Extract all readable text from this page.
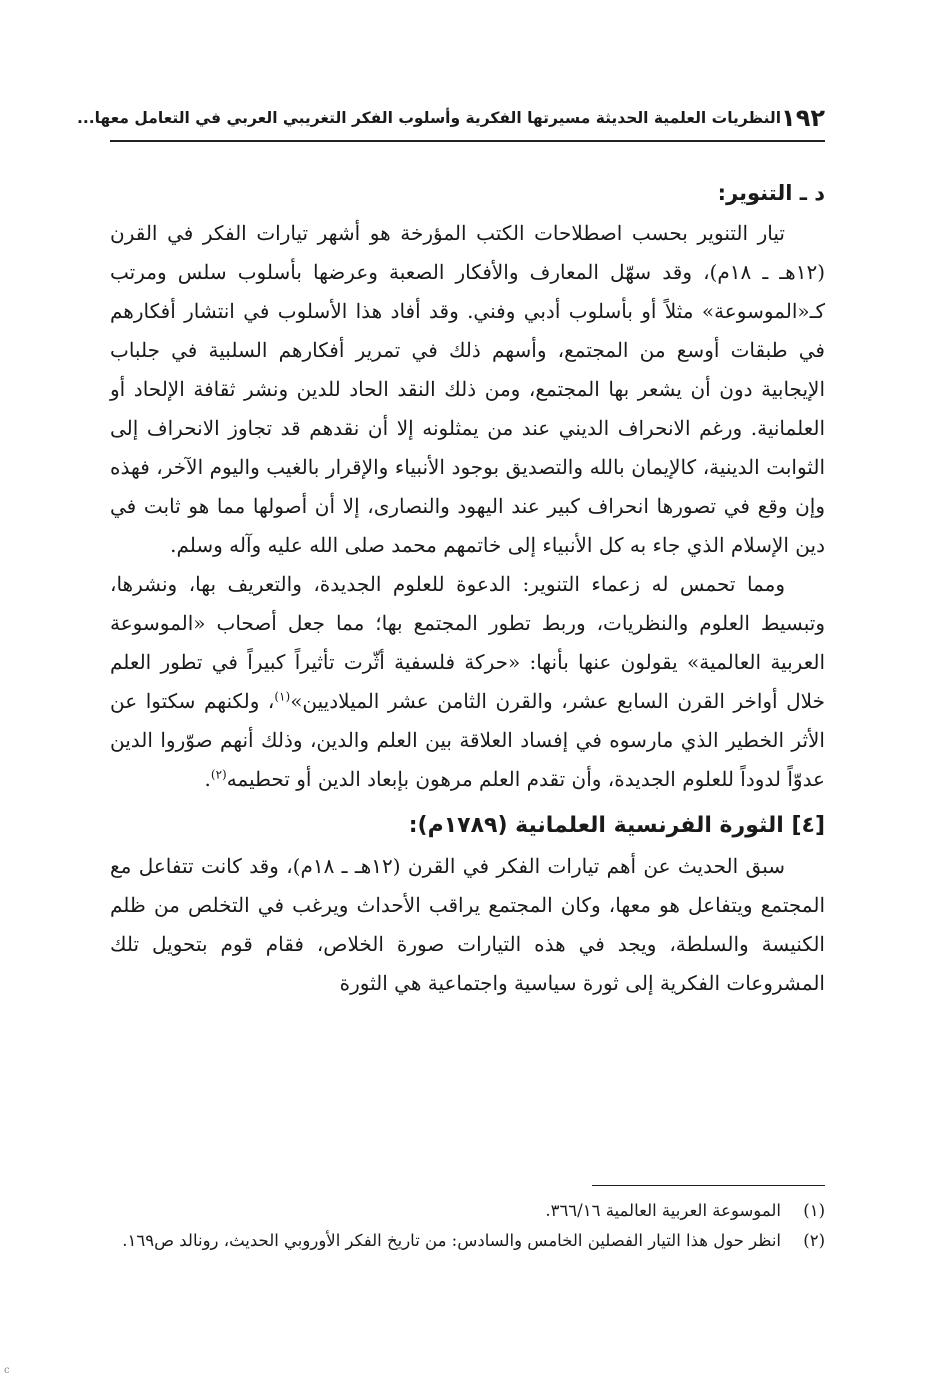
١٩٢
النظريات العلمية الحديثة مسيرتها الفكرية وأسلوب الفكر التغريبي العربي في التعامل معها...
د ـ التنوير:

تيار التنوير بحسب اصطلاحات الكتب المؤرخة هو أشهر تيارات الفكر في القرن (١٢هـ ـ ١٨م)، وقد سهّل المعارف والأفكار الصعبة وعرضها بأسلوب سلس ومرتب كـ«الموسوعة» مثلاً أو بأسلوب أدبي وفني. وقد أفاد هذا الأسلوب في انتشار أفكارهم في طبقات أوسع من المجتمع، وأسهم ذلك في تمرير أفكارهم السلبية في جلباب الإيجابية دون أن يشعر بها المجتمع، ومن ذلك النقد الحاد للدين ونشر ثقافة الإلحاد أو العلمانية. ورغم الانحراف الديني عند من يمثلونه إلا أن نقدهم قد تجاوز الانحراف إلى الثوابت الدينية، كالإيمان بالله والتصديق بوجود الأنبياء والإقرار بالغيب واليوم الآخر، فهذه وإن وقع في تصورها انحراف كبير عند اليهود والنصارى، إلا أن أصولها مما هو ثابت في دين الإسلام الذي جاء به كل الأنبياء إلى خاتمهم محمد صلى الله عليه وآله وسلم.

ومما تحمس له زعماء التنوير: الدعوة للعلوم الجديدة، والتعريف بها، ونشرها، وتبسيط العلوم والنظريات، وربط تطور المجتمع بها؛ مما جعل أصحاب «الموسوعة العربية العالمية» يقولون عنها بأنها: «حركة فلسفية أثّرت تأثيراً كبيراً في تطور العلم خلال أواخر القرن السابع عشر، والقرن الثامن عشر الميلاديين»$^{(١)}$، ولكنهم سكتوا عن الأثر الخطير الذي مارسوه في إفساد العلاقة بين العلم والدين، وذلك أنهم صوّروا الدين عدوّاً لدوداً للعلوم الجديدة، وأن تقدم العلم مرهون بإبعاد الدين أو تحطيمه$^{(٢)}$.

[٤] الثورة الفرنسية العلمانية (١٧٨٩م):

سبق الحديث عن أهم تيارات الفكر في القرن (١٢هـ ـ ١٨م)، وقد كانت تتفاعل مع المجتمع ويتفاعل هو معها، وكان المجتمع يراقب الأحداث ويرغب في التخلص من ظلم الكنيسة والسلطة، ويجد في هذه التيارات صورة الخلاص، فقام قوم بتحويل تلك المشروعات الفكرية إلى ثورة سياسية واجتماعية هي الثورة

(١)
الموسوعة العربية العالمية ٣٦٦/١٦.
(٢)
انظر حول هذا التيار الفصلين الخامس والسادس: من تاريخ الفكر الأوروبي الحديث، رونالد ص١٦٩.
c
